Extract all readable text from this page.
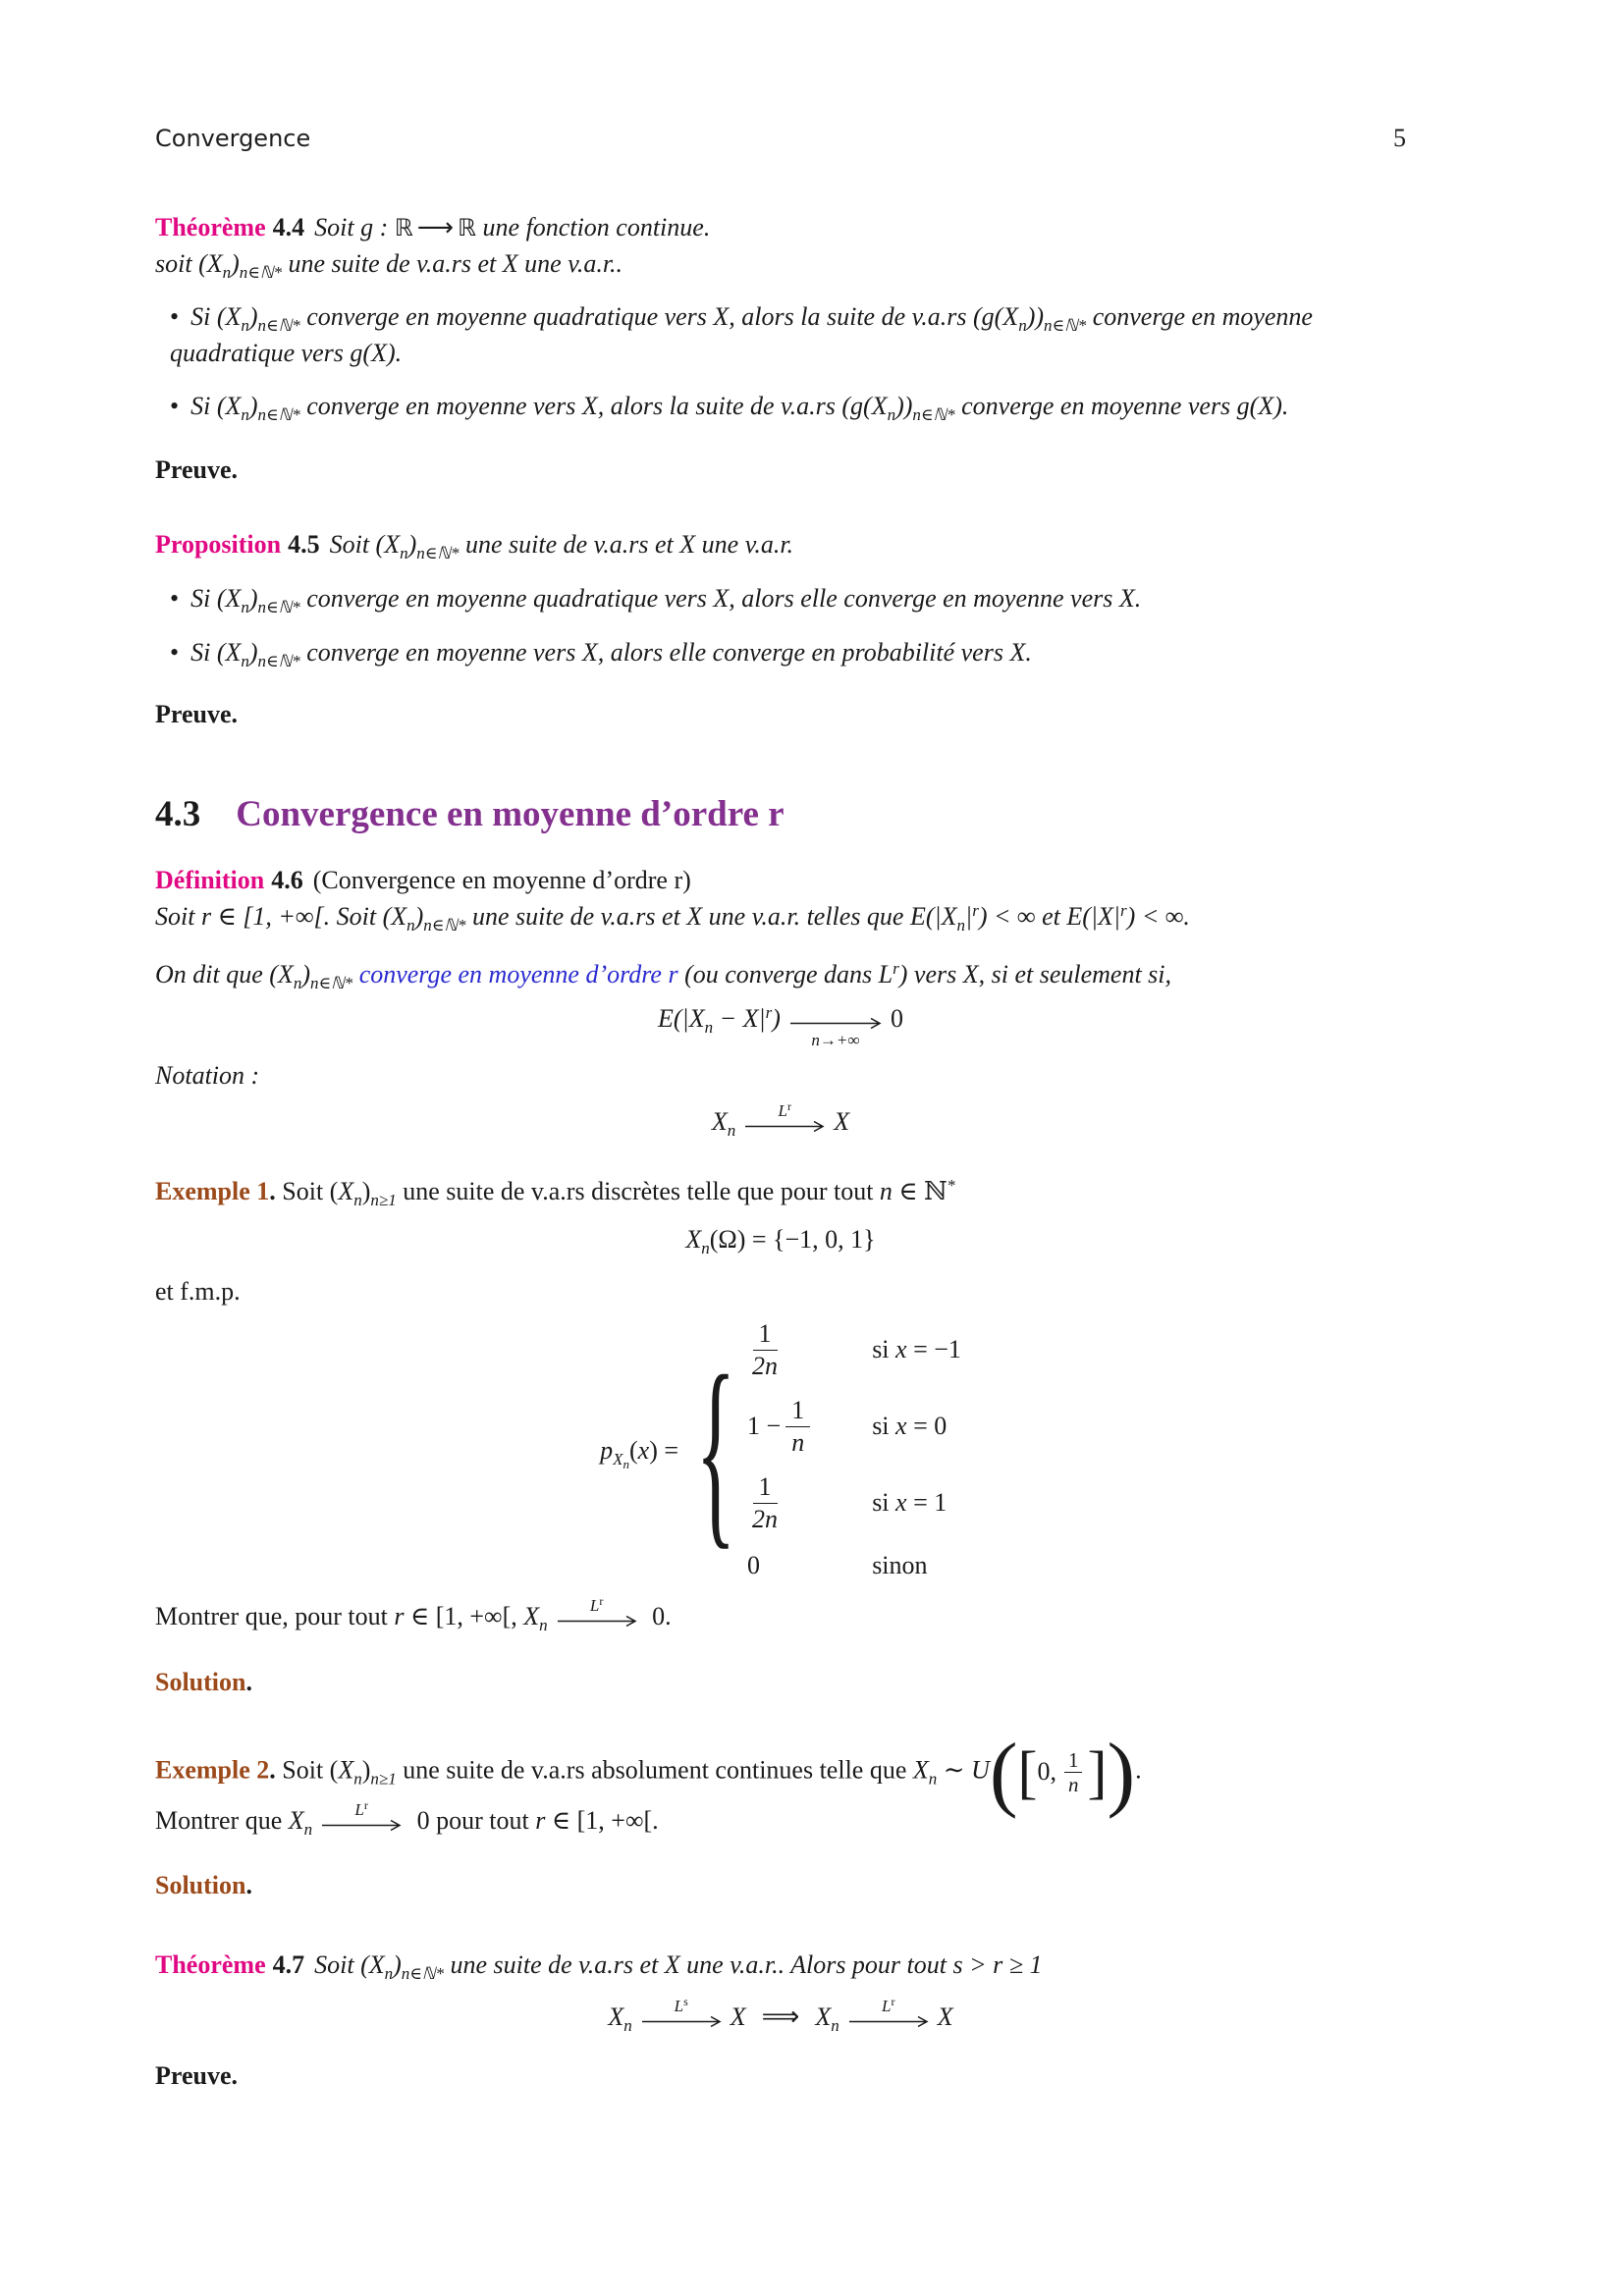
Convergence	5

Théorème 4.4 Soit g : ℝ ⟶ ℝ une fonction continue.
soit $(X_n)_{n\in ℕ*}$ une suite de v.a.rs et X une v.a.r..

• Si $(X_n)_{n\in ℕ*}$ converge en moyenne quadratique vers X, alors la suite de v.a.rs $(g(X_n))_{n\in ℕ*}$ converge en moyenne quadratique vers g(X).

• Si $(X_n)_{n\in ℕ*}$ converge en moyenne vers X, alors la suite de v.a.rs $(g(X_n))_{n\in ℕ*}$ converge en moyenne vers g(X).

Preuve.

Proposition 4.5 Soit $(X_n)_{n\in ℕ*}$ une suite de v.a.rs et X une v.a.r.

• Si $(X_n)_{n\in ℕ*}$ converge en moyenne quadratique vers X, alors elle converge en moyenne vers X.

• Si $(X_n)_{n\in ℕ*}$ converge en moyenne vers X, alors elle converge en probabilité vers X.

Preuve.

4.3 Convergence en moyenne d’ordre r

Définition 4.6 (Convergence en moyenne d’ordre r)
Soit r ∈ [1, +∞[. Soit $(X_n)_{n\in ℕ*}$ une suite de v.a.rs et X une v.a.r. telles que $E(|X_n|^r)$ < ∞ et $E(|X|^r)$ < ∞.

On dit que $(X_n)_{n\in ℕ*}$ converge en moyenne d’ordre r (ou converge dans $L^r$) vers X, si et seulement si,

$E(|X_n - X|^r)$
n→+∞
0

Notation :

$X_n$
$L^r$
X

Exemple 1. Soit $(X_n)_{n\ge 1}$ une suite de v.a.rs discrètes telle que pour tout n ∈ ℕ*

$X_n(\Omega) = \{-1$, 0, 1}

et f.m.p.

$p_{X_n}(x)$ = { $\frac{1}{2n}$	si x = −1
$1 - \frac{1}{n}$ si x = 0
$\frac{1}{2n}$	si x = 1
0	sinon

Montrer que, pour tout r ∈ [1, +∞[, $X_n$
$L^r$
0.

Solution.

Exemple 2. Soit $(X_n)_{n\ge 1}$ une suite de v.a.rs absolument continues telle que $X_n$ ∼ U([ 0, $\frac{1}{n}$ ]).

Montrer que $X_n$
$L^r$
0 pour tout r ∈ [1, +∞[.

Solution.

Théorème 4.7 Soit $(X_n)_{n\in ℕ*}$ une suite de v.a.rs et X une v.a.r.. Alors pour tout s > r ≥ 1

$X_n$
$L^s$
X ⟹ $X_n$
$L^r$
X

Preuve.
